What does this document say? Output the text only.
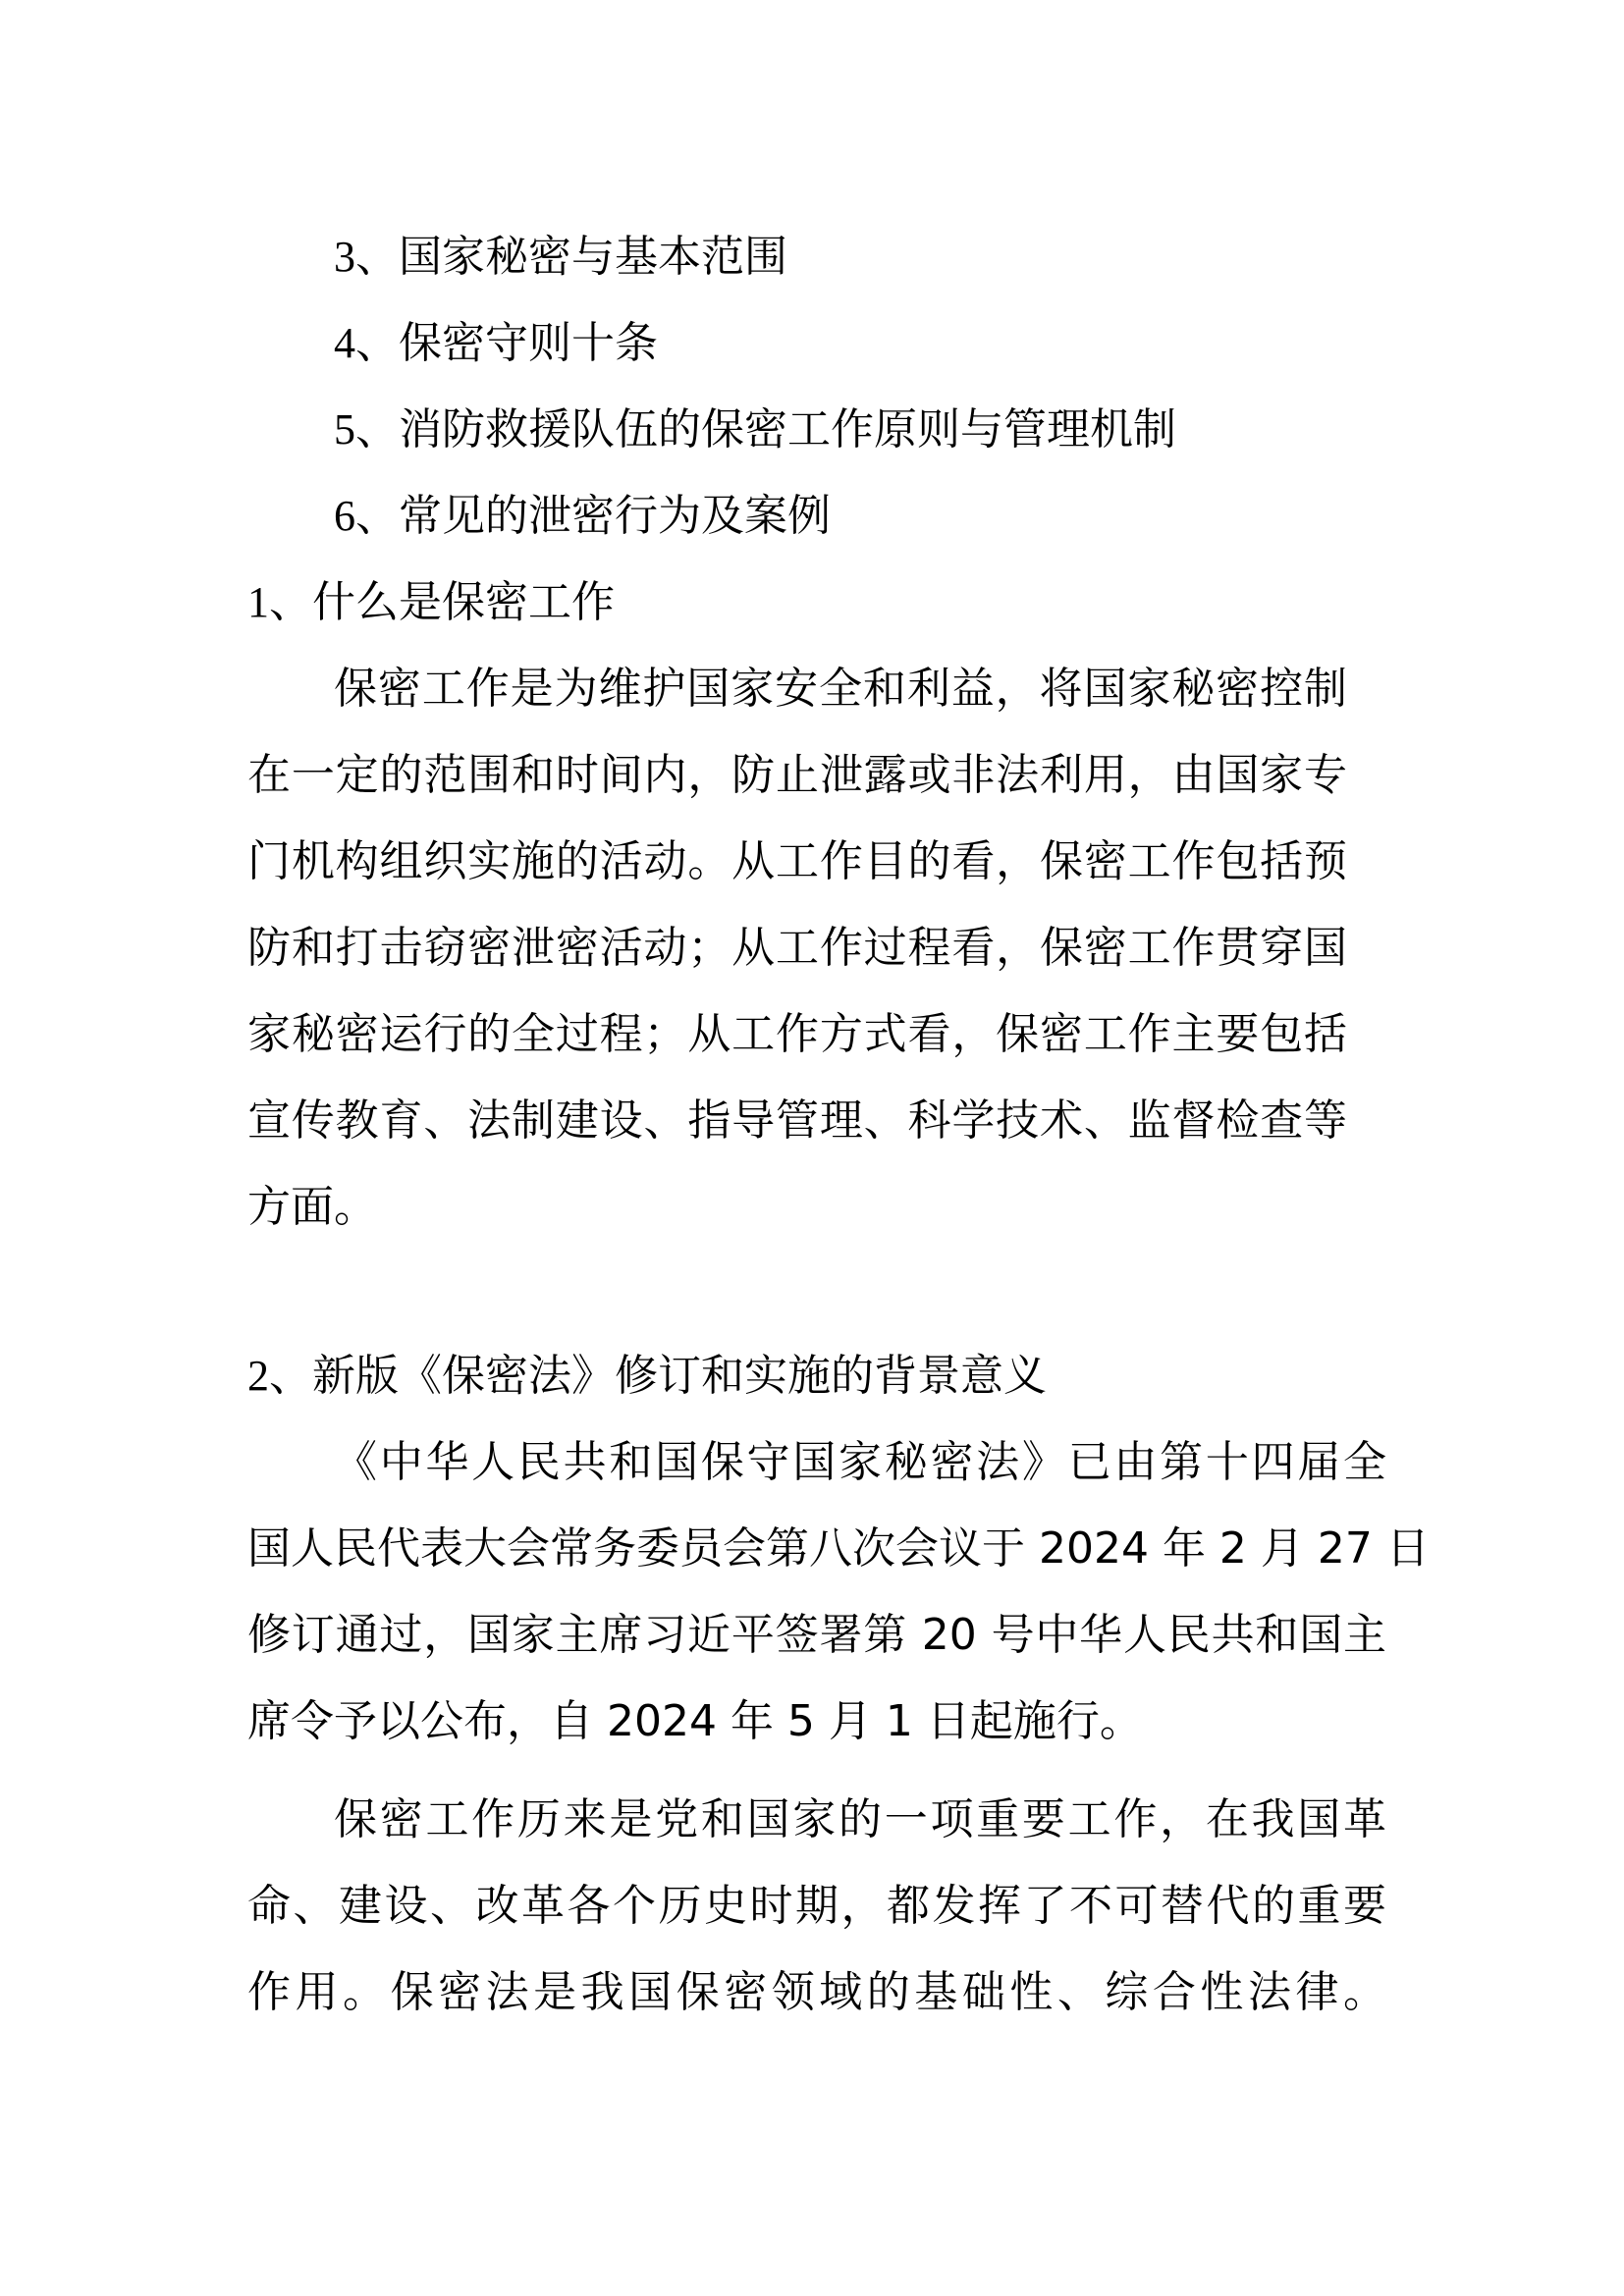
3、国家秘密与基本范围
4、保密守则十条
5、消防救援队伍的保密工作原则与管理机制
6、常见的泄密行为及案例
1、什么是保密工作
保密工作是为维护国家安全和利益，将国家秘密控制
在一定的范围和时间内，防止泄露或非法利用，由国家专
门机构组织实施的活动。从工作目的看，保密工作包括预
防和打击窃密泄密活动；从工作过程看，保密工作贯穿国
家秘密运行的全过程；从工作方式看，保密工作主要包括
宣传教育、法制建设、指导管理、科学技术、监督检查等
方面。
2、新版《保密法》修订和实施的背景意义
《中华人民共和国保守国家秘密法》已由第十四届全
国人民代表大会常务委员会第八次会议于 2024 年 2 月 27 日
修订通过，国家主席习近平签署第 20 号中华人民共和国主
席令予以公布，自 2024 年 5 月 1 日起施行。
保密工作历来是党和国家的一项重要工作，在我国革
命、建设、改革各个历史时期，都发挥了不可替代的重要
作用。保密法是我国保密领域的基础性、综合性法律。
